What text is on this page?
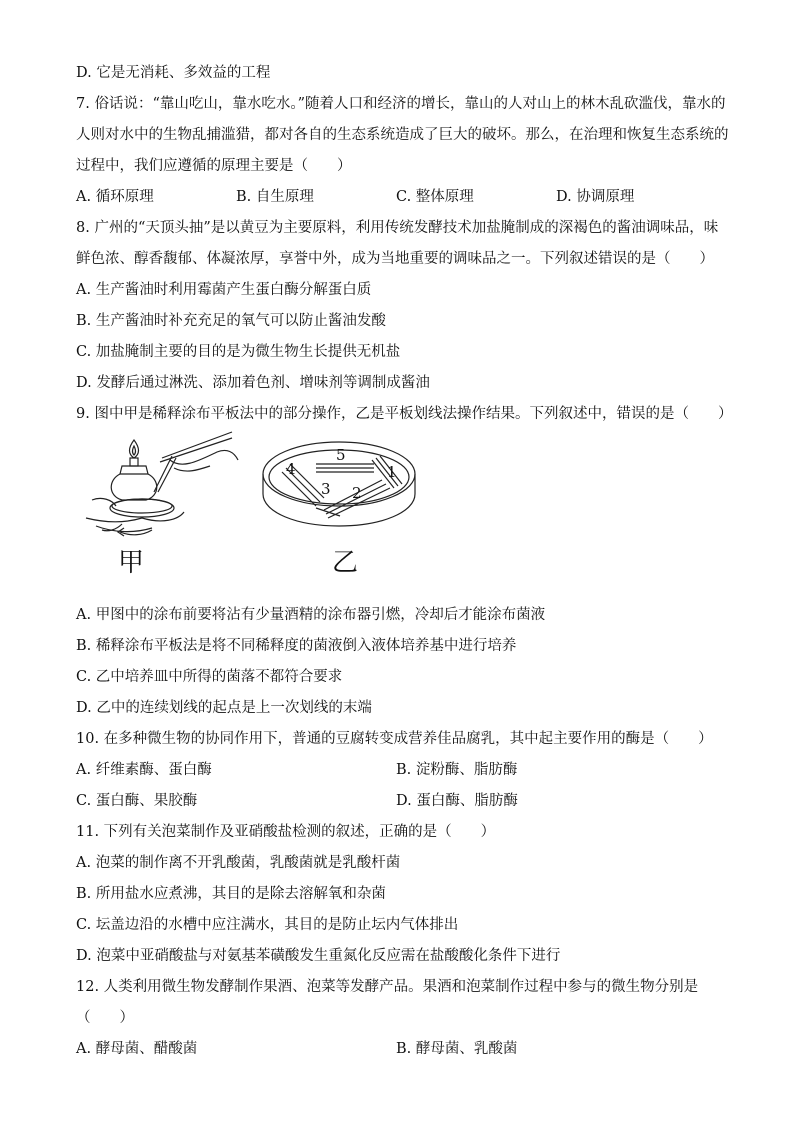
D. 它是无消耗、多效益的工程
7. 俗话说：“靠山吃山，靠水吃水。”随着人口和经济的增长，靠山的人对山上的林木乱砍滥伐，靠水的
人则对水中的生物乱捕滥猎，都对各自的生态系统造成了巨大的破坏。那么，在治理和恢复生态系统的
过程中，我们应遵循的原理主要是（　　）
A. 循环原理	B. 自生原理	C. 整体原理	D. 协调原理
8. 广州的“天顶头抽”是以黄豆为主要原料，利用传统发酵技术加盐腌制成的深褐色的酱油调味品，味
鲜色浓、醇香馥郁、体凝浓厚，享誉中外，成为当地重要的调味品之一。下列叙述错误的是（　　）
A. 生产酱油时利用霉菌产生蛋白酶分解蛋白质
B. 生产酱油时补充充足的氧气可以防止酱油发酸
C. 加盐腌制主要的目的是为微生物生长提供无机盐
D. 发酵后通过淋洗、添加着色剂、增味剂等调制成酱油
9. 图中甲是稀释涂布平板法中的部分操作，乙是平板划线法操作结果。下列叙述中，错误的是（　　）
甲
1
2
3
4
5
乙
A. 甲图中的涂布前要将沾有少量酒精的涂布器引燃，冷却后才能涂布菌液
B. 稀释涂布平板法是将不同稀释度的菌液倒入液体培养基中进行培养
C. 乙中培养皿中所得的菌落不都符合要求
D. 乙中的连续划线的起点是上一次划线的末端
10. 在多种微生物的协同作用下，普通的豆腐转变成营养佳品腐乳，其中起主要作用的酶是（　　）
A. 纤维素酶、蛋白酶	B. 淀粉酶、脂肪酶
C. 蛋白酶、果胶酶	D. 蛋白酶、脂肪酶
11. 下列有关泡菜制作及亚硝酸盐检测的叙述，正确的是（　　）
A. 泡菜的制作离不开乳酸菌，乳酸菌就是乳酸杆菌
B. 所用盐水应煮沸，其目的是除去溶解氧和杂菌
C. 坛盖边沿的水槽中应注满水，其目的是防止坛内气体排出
D. 泡菜中亚硝酸盐与对氨基苯磺酸发生重氮化反应需在盐酸酸化条件下进行
12. 人类利用微生物发酵制作果酒、泡菜等发酵产品。果酒和泡菜制作过程中参与的微生物分别是
（　　）
A. 酵母菌、醋酸菌	B. 酵母菌、乳酸菌
